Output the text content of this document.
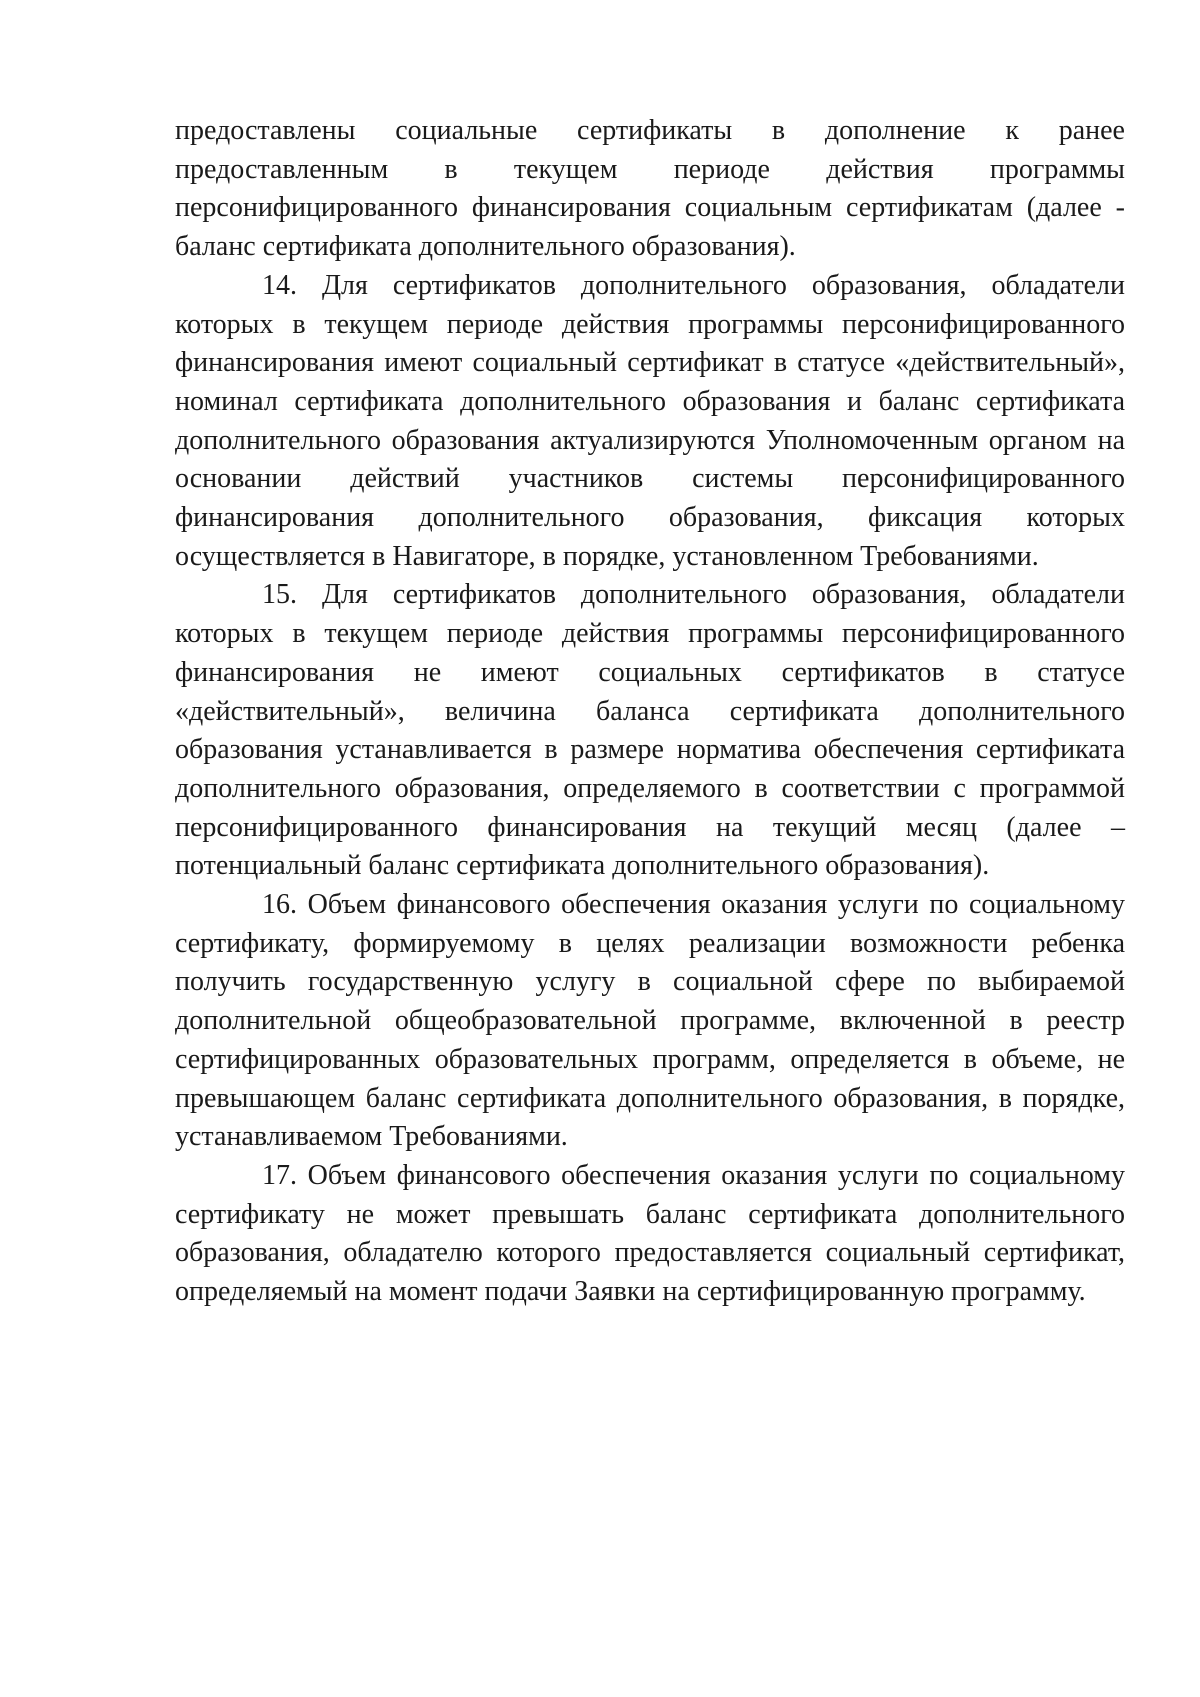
предоставлены социальные сертификаты в дополнение к ранее предоставленным в текущем периоде действия программы персонифицированного финансирования социальным сертификатам (далее - баланс сертификата дополнительного образования).

14. Для сертификатов дополнительного образования, обладатели которых в текущем периоде действия программы персонифицированного финансирования имеют социальный сертификат в статусе «действительный», номинал сертификата дополнительного образования и баланс сертификата дополнительного образования актуализируются Уполномоченным органом на основании действий участников системы персонифицированного финансирования дополнительного образования, фиксация которых осуществляется в Навигаторе, в порядке, установленном Требованиями.

15. Для сертификатов дополнительного образования, обладатели которых в текущем периоде действия программы персонифицированного финансирования не имеют социальных сертификатов в статусе «действительный», величина баланса сертификата дополнительного образования устанавливается в размере норматива обеспечения сертификата дополнительного образования, определяемого в соответствии с программой персонифицированного финансирования на текущий месяц (далее – потенциальный баланс сертификата дополнительного образования).

16. Объем финансового обеспечения оказания услуги по социальному сертификату, формируемому в целях реализации возможности ребенка получить государственную услугу в социальной сфере по выбираемой дополнительной общеобразовательной программе, включенной в реестр сертифицированных образовательных программ, определяется в объеме, не превышающем баланс сертификата дополнительного образования, в порядке, устанавливаемом Требованиями.

17. Объем финансового обеспечения оказания услуги по социальному сертификату не может превышать баланс сертификата дополнительного образования, обладателю которого предоставляется социальный сертификат, определяемый на момент подачи Заявки на сертифицированную программу.
